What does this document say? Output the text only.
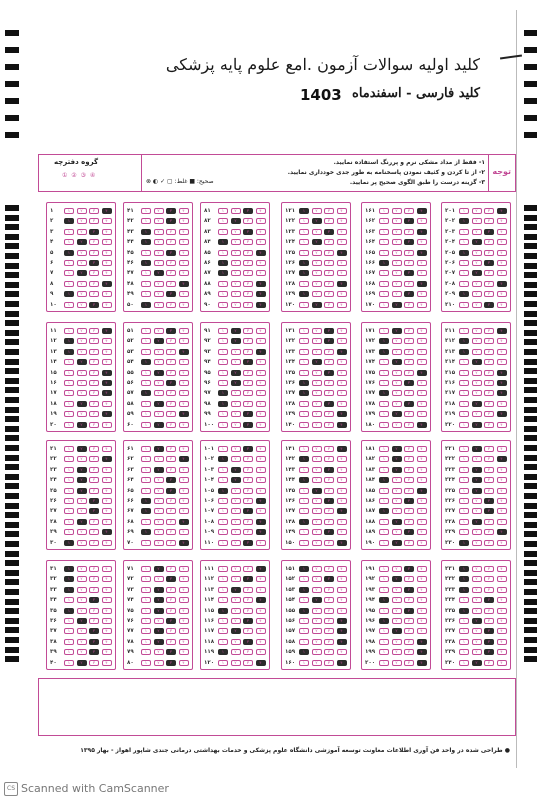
کلید اولیه سوالات آزمون .امع علوم پایه پزشکی
کلید فارسی - اسفندماه
1403
توجه
۱- فقط از مداد مشکی نرم و پررنگ استفاده نمایید.
۲- از تا کردن و کثیف نمودن پاسخنامه به طور جدی خودداری نمایید.
۳- گزینه درست را طبق الگوی صحیح پر نمایید.
گروه دفترچه
① ② ③ ④
صحیح: ■ غلط: ▢ ✓ ◐ ⊗
۱	۱	۲	۳	۴
۲	۱	۲	۳	۴
۳	۱	۲	۳	۴
۴	۱	۲	۳	۴
۵	۱	۲	۳	۴
۶	۱	۲	۳	۴
۷	۱	۲	۳	۴
۸	۱	۲	۳	۴
۹	۱	۲	۳	۴
۱۰	۱	۲	۳	۴
۴۱	۱	۲	۳	۴
۴۲	۱	۲	۳	۴
۴۳	۱	۲	۳	۴
۴۴	۱	۲	۳	۴
۴۵	۱	۲	۳	۴
۴۶	۱	۲	۳	۴
۴۷	۱	۲	۳	۴
۴۸	۱	۲	۳	۴
۴۹	۱	۲	۳	۴
۵۰	۱	۲	۳	۴
۸۱	۱	۲	۳	۴
۸۲	۱	۲	۳	۴
۸۳	۱	۲	۳	۴
۸۴	۱	۲	۳	۴
۸۵	۱	۲	۳	۴
۸۶	۱	۲	۳	۴
۸۷	۱	۲	۳	۴
۸۸	۱	۲	۳	۴
۸۹	۱	۲	۳	۴
۹۰	۱	۲	۳	۴
۱۲۱	۱	۲	۳	۴
۱۲۲	۱	۲	۳	۴
۱۲۳	۱	۲	۳	۴
۱۲۴	۱	۲	۳	۴
۱۲۵	۱	۲	۳	۴
۱۲۶	۱	۲	۳	۴
۱۲۷	۱	۲	۳	۴
۱۲۸	۱	۲	۳	۴
۱۲۹	۱	۲	۳	۴
۱۳۰	۱	۲	۳	۴
۱۶۱	۱	۲	۳	۴
۱۶۲	۱	۲	۳	۴
۱۶۳	۱	۲	۳	۴
۱۶۴	۱	۲	۳	۴
۱۶۵	۱	۲	۳	۴
۱۶۶	۱	۲	۳	۴
۱۶۷	۱	۲	۳	۴
۱۶۸	۱	۲	۳	۴
۱۶۹	۱	۲	۳	۴
۱۷۰	۱	۲	۳	۴
۲۰۱	۱	۲	۳	۴
۲۰۲	۱	۲	۳	۴
۲۰۳	۱	۲	۳	۴
۲۰۴	۱	۲	۳	۴
۲۰۵	۱	۲	۳	۴
۲۰۶	۱	۲	۳	۴
۲۰۷	۱	۲	۳	۴
۲۰۸	۱	۲	۳	۴
۲۰۹	۱	۲	۳	۴
۲۱۰	۱	۲	۳	۴
۱۱	۱	۲	۳	۴
۱۲	۱	۲	۳	۴
۱۳	۱	۲	۳	۴
۱۴	۱	۲	۳	۴
۱۵	۱	۲	۳	۴
۱۶	۱	۲	۳	۴
۱۷	۱	۲	۳	۴
۱۸	۱	۲	۳	۴
۱۹	۱	۲	۳	۴
۲۰	۱	۲	۳	۴
۵۱	۱	۲	۳	۴
۵۲	۱	۲	۳	۴
۵۳	۱	۲	۳	۴
۵۴	۱	۲	۳	۴
۵۵	۱	۲	۳	۴
۵۶	۱	۲	۳	۴
۵۷	۱	۲	۳	۴
۵۸	۱	۲	۳	۴
۵۹	۱	۲	۳	۴
۶۰	۱	۲	۳	۴
۹۱	۱	۲	۳	۴
۹۲	۱	۲	۳	۴
۹۳	۱	۲	۳	۴
۹۴	۱	۲	۳	۴
۹۵	۱	۲	۳	۴
۹۶	۱	۲	۳	۴
۹۷	۱	۲	۳	۴
۹۸	۱	۲	۳	۴
۹۹	۱	۲	۳	۴
۱۰۰	۱	۲	۳	۴
۱۳۱	۱	۲	۳	۴
۱۳۲	۱	۲	۳	۴
۱۳۳	۱	۲	۳	۴
۱۳۴	۱	۲	۳	۴
۱۳۵	۱	۲	۳	۴
۱۳۶	۱	۲	۳	۴
۱۳۷	۱	۲	۳	۴
۱۳۸	۱	۲	۳	۴
۱۳۹	۱	۲	۳	۴
۱۴۰	۱	۲	۳	۴
۱۷۱	۱	۲	۳	۴
۱۷۲	۱	۲	۳	۴
۱۷۳	۱	۲	۳	۴
۱۷۴	۱	۲	۳	۴
۱۷۵	۱	۲	۳	۴
۱۷۶	۱	۲	۳	۴
۱۷۷	۱	۲	۳	۴
۱۷۸	۱	۲	۳	۴
۱۷۹	۱	۲	۳	۴
۱۸۰	۱	۲	۳	۴
۲۱۱	۱	۲	۳	۴
۲۱۲	۱	۲	۳	۴
۲۱۳	۱	۲	۳	۴
۲۱۴	۱	۲	۳	۴
۲۱۵	۱	۲	۳	۴
۲۱۶	۱	۲	۳	۴
۲۱۷	۱	۲	۳	۴
۲۱۸	۱	۲	۳	۴
۲۱۹	۱	۲	۳	۴
۲۲۰	۱	۲	۳	۴
۲۱	۱	۲	۳	۴
۲۲	۱	۲	۳	۴
۲۳	۱	۲	۳	۴
۲۴	۱	۲	۳	۴
۲۵	۱	۲	۳	۴
۲۶	۱	۲	۳	۴
۲۷	۱	۲	۳	۴
۲۸	۱	۲	۳	۴
۲۹	۱	۲	۳	۴
۳۰	۱	۲	۳	۴
۶۱	۱	۲	۳	۴
۶۲	۱	۲	۳	۴
۶۳	۱	۲	۳	۴
۶۴	۱	۲	۳	۴
۶۵	۱	۲	۳	۴
۶۶	۱	۲	۳	۴
۶۷	۱	۲	۳	۴
۶۸	۱	۲	۳	۴
۶۹	۱	۲	۳	۴
۷۰	۱	۲	۳	۴
۱۰۱	۱	۲	۳	۴
۱۰۲	۱	۲	۳	۴
۱۰۳	۱	۲	۳	۴
۱۰۴	۱	۲	۳	۴
۱۰۵	۱	۲	۳	۴
۱۰۶	۱	۲	۳	۴
۱۰۷	۱	۲	۳	۴
۱۰۸	۱	۲	۳	۴
۱۰۹	۱	۲	۳	۴
۱۱۰	۱	۲	۳	۴
۱۴۱	۱	۲	۳	۴
۱۴۲	۱	۲	۳	۴
۱۴۳	۱	۲	۳	۴
۱۴۴	۱	۲	۳	۴
۱۴۵	۱	۲	۳	۴
۱۴۶	۱	۲	۳	۴
۱۴۷	۱	۲	۳	۴
۱۴۸	۱	۲	۳	۴
۱۴۹	۱	۲	۳	۴
۱۵۰	۱	۲	۳	۴
۱۸۱	۱	۲	۳	۴
۱۸۲	۱	۲	۳	۴
۱۸۳	۱	۲	۳	۴
۱۸۴	۱	۲	۳	۴
۱۸۵	۱	۲	۳	۴
۱۸۶	۱	۲	۳	۴
۱۸۷	۱	۲	۳	۴
۱۸۸	۱	۲	۳	۴
۱۸۹	۱	۲	۳	۴
۱۹۰	۱	۲	۳	۴
۲۲۱	۱	۲	۳	۴
۲۲۲	۱	۲	۳	۴
۲۲۳	۱	۲	۳	۴
۲۲۴	۱	۲	۳	۴
۲۲۵	۱	۲	۳	۴
۲۲۶	۱	۲	۳	۴
۲۲۷	۱	۲	۳	۴
۲۲۸	۱	۲	۳	۴
۲۲۹	۱	۲	۳	۴
۲۳۰	۱	۲	۳	۴
۳۱	۱	۲	۳	۴
۳۲	۱	۲	۳	۴
۳۳	۱	۲	۳	۴
۳۴	۱	۲	۳	۴
۳۵	۱	۲	۳	۴
۳۶	۱	۲	۳	۴
۳۷	۱	۲	۳	۴
۳۸	۱	۲	۳	۴
۳۹	۱	۲	۳	۴
۴۰	۱	۲	۳	۴
۷۱	۱	۲	۳	۴
۷۲	۱	۲	۳	۴
۷۳	۱	۲	۳	۴
۷۴	۱	۲	۳	۴
۷۵	۱	۲	۳	۴
۷۶	۱	۲	۳	۴
۷۷	۱	۲	۳	۴
۷۸	۱	۲	۳	۴
۷۹	۱	۲	۳	۴
۸۰	۱	۲	۳	۴
۱۱۱	۱	۲	۳	۴
۱۱۲	۱	۲	۳	۴
۱۱۳	۱	۲	۳	۴
۱۱۴	۱	۲	۳	۴
۱۱۵	۱	۲	۳	۴
۱۱۶	۱	۲	۳	۴
۱۱۷	۱	۲	۳	۴
۱۱۸	۱	۲	۳	۴
۱۱۹	۱	۲	۳	۴
۱۲۰	۱	۲	۳	۴
۱۵۱	۱	۲	۳	۴
۱۵۲	۱	۲	۳	۴
۱۵۳	۱	۲	۳	۴
۱۵۴	۱	۲	۳	۴
۱۵۵	۱	۲	۳	۴
۱۵۶	۱	۲	۳	۴
۱۵۷	۱	۲	۳	۴
۱۵۸	۱	۲	۳	۴
۱۵۹	۱	۲	۳	۴
۱۶۰	۱	۲	۳	۴
۱۹۱	۱	۲	۳	۴
۱۹۲	۱	۲	۳	۴
۱۹۳	۱	۲	۳	۴
۱۹۴	۱	۲	۳	۴
۱۹۵	۱	۲	۳	۴
۱۹۶	۱	۲	۳	۴
۱۹۷	۱	۲	۳	۴
۱۹۸	۱	۲	۳	۴
۱۹۹	۱	۲	۳	۴
۲۰۰	۱	۲	۳	۴
۲۳۱	۱	۲	۳	۴
۲۳۲	۱	۲	۳	۴
۲۳۳	۱	۲	۳	۴
۲۳۴	۱	۲	۳	۴
۲۳۵	۱	۲	۳	۴
۲۳۶	۱	۲	۳	۴
۲۳۷	۱	۲	۳	۴
۲۳۸	۱	۲	۳	۴
۲۳۹	۱	۲	۳	۴
۲۴۰	۱	۲	۳	۴
● طراحی شده در واحد فن آوری اطلاعات معاونت توسعه آموزشی دانشگاه علوم پزشکی و خدمات بهداشتی درمانی جندی شاپور اهواز - بهار ۱۳۹۵
CS Scanned with CamScanner
